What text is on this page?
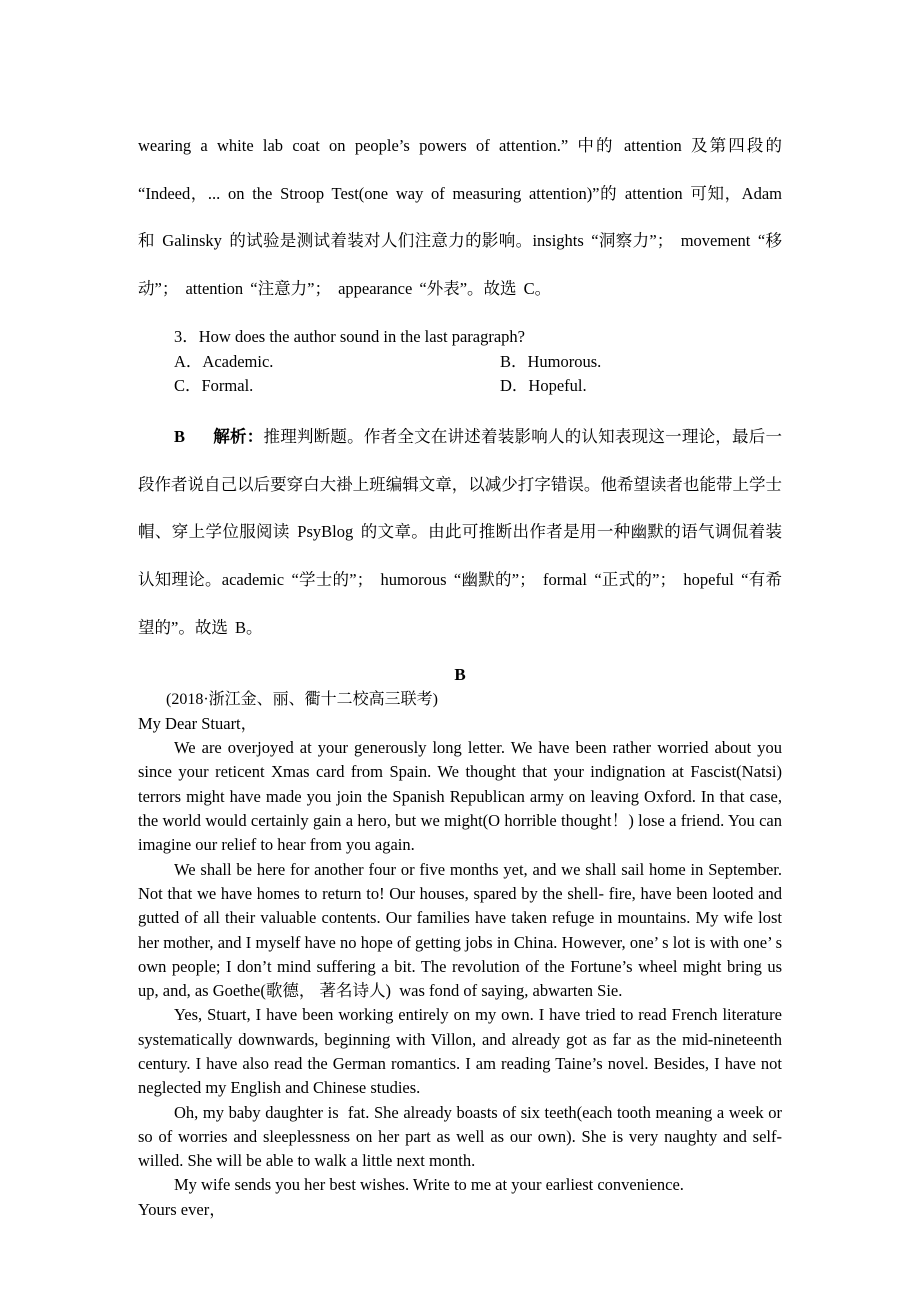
wearing a white lab coat on people’s powers of attention.” 中的 attention 及第四段的 “Indeed，... on the Stroop Test(one way of measuring attention)”的 attention 可知，Adam 和 Galinsky 的试验是测试着装对人们注意力的影响。insights “洞察力”； movement “移动”； attention “注意力”； appearance “外表”。故选 C。

3．How does the author sound in the last paragraph?

A．Academic.	B．Humorous.
C．Formal.	D．Hopeful.

B 解析：推理判断题。作者全文在讲述着装影响人的认知表现这一理论，最后一段作者说自己以后要穿白大褂上班编辑文章，以减少打字错误。他希望读者也能带上学士帽、穿上学位服阅读 PsyBlog 的文章。由此可推断出作者是用一种幽默的语气调侃着装认知理论。academic “学士的”； humorous “幽默的”； formal “正式的”； hopeful “有希望的”。故选 B。

B

(2018·浙江金、丽、衢十二校高三联考)

My Dear Stuart，

We are overjoyed at your generously long letter. We have been rather worried about you since your reticent Xmas card from Spain. We thought that your indignation at Fascist(Natsi) terrors might have made you join the Spanish Republican army on leaving Oxford. In that case, the world would certainly gain a hero, but we might(O horrible thought！) lose a friend. You can imagine our relief to hear from you again.

We shall be here for another four or five months yet, and we shall sail home in September. Not that we have homes to return to! Our houses, spared by the shell- fire, have been looted and gutted of all their valuable contents. Our families have taken refuge in mountains. My wife lost her mother, and I myself have no hope of getting jobs in China. However, one’ s lot is with one’ s own people; I don’t mind suffering a bit. The revolution of the Fortune’s wheel might bring us up, and, as Goethe(歌德， 著名诗人)  was fond of saying, abwarten Sie.

Yes, Stuart, I have been working entirely on my own. I have tried to read French literature systematically downwards, beginning with Villon, and already got as far as the mid-nineteenth century. I have also read the German romantics. I am reading Taine’s novel. Besides, I have not neglected my English and Chinese studies.

Oh, my baby daughter is  fat. She already boasts of six teeth(each tooth meaning a week or so of worries and sleeplessness on her part as well as our own). She is very naughty and self-willed. She will be able to walk a little next month.

My wife sends you her best wishes. Write to me at your earliest convenience.

Yours ever，
